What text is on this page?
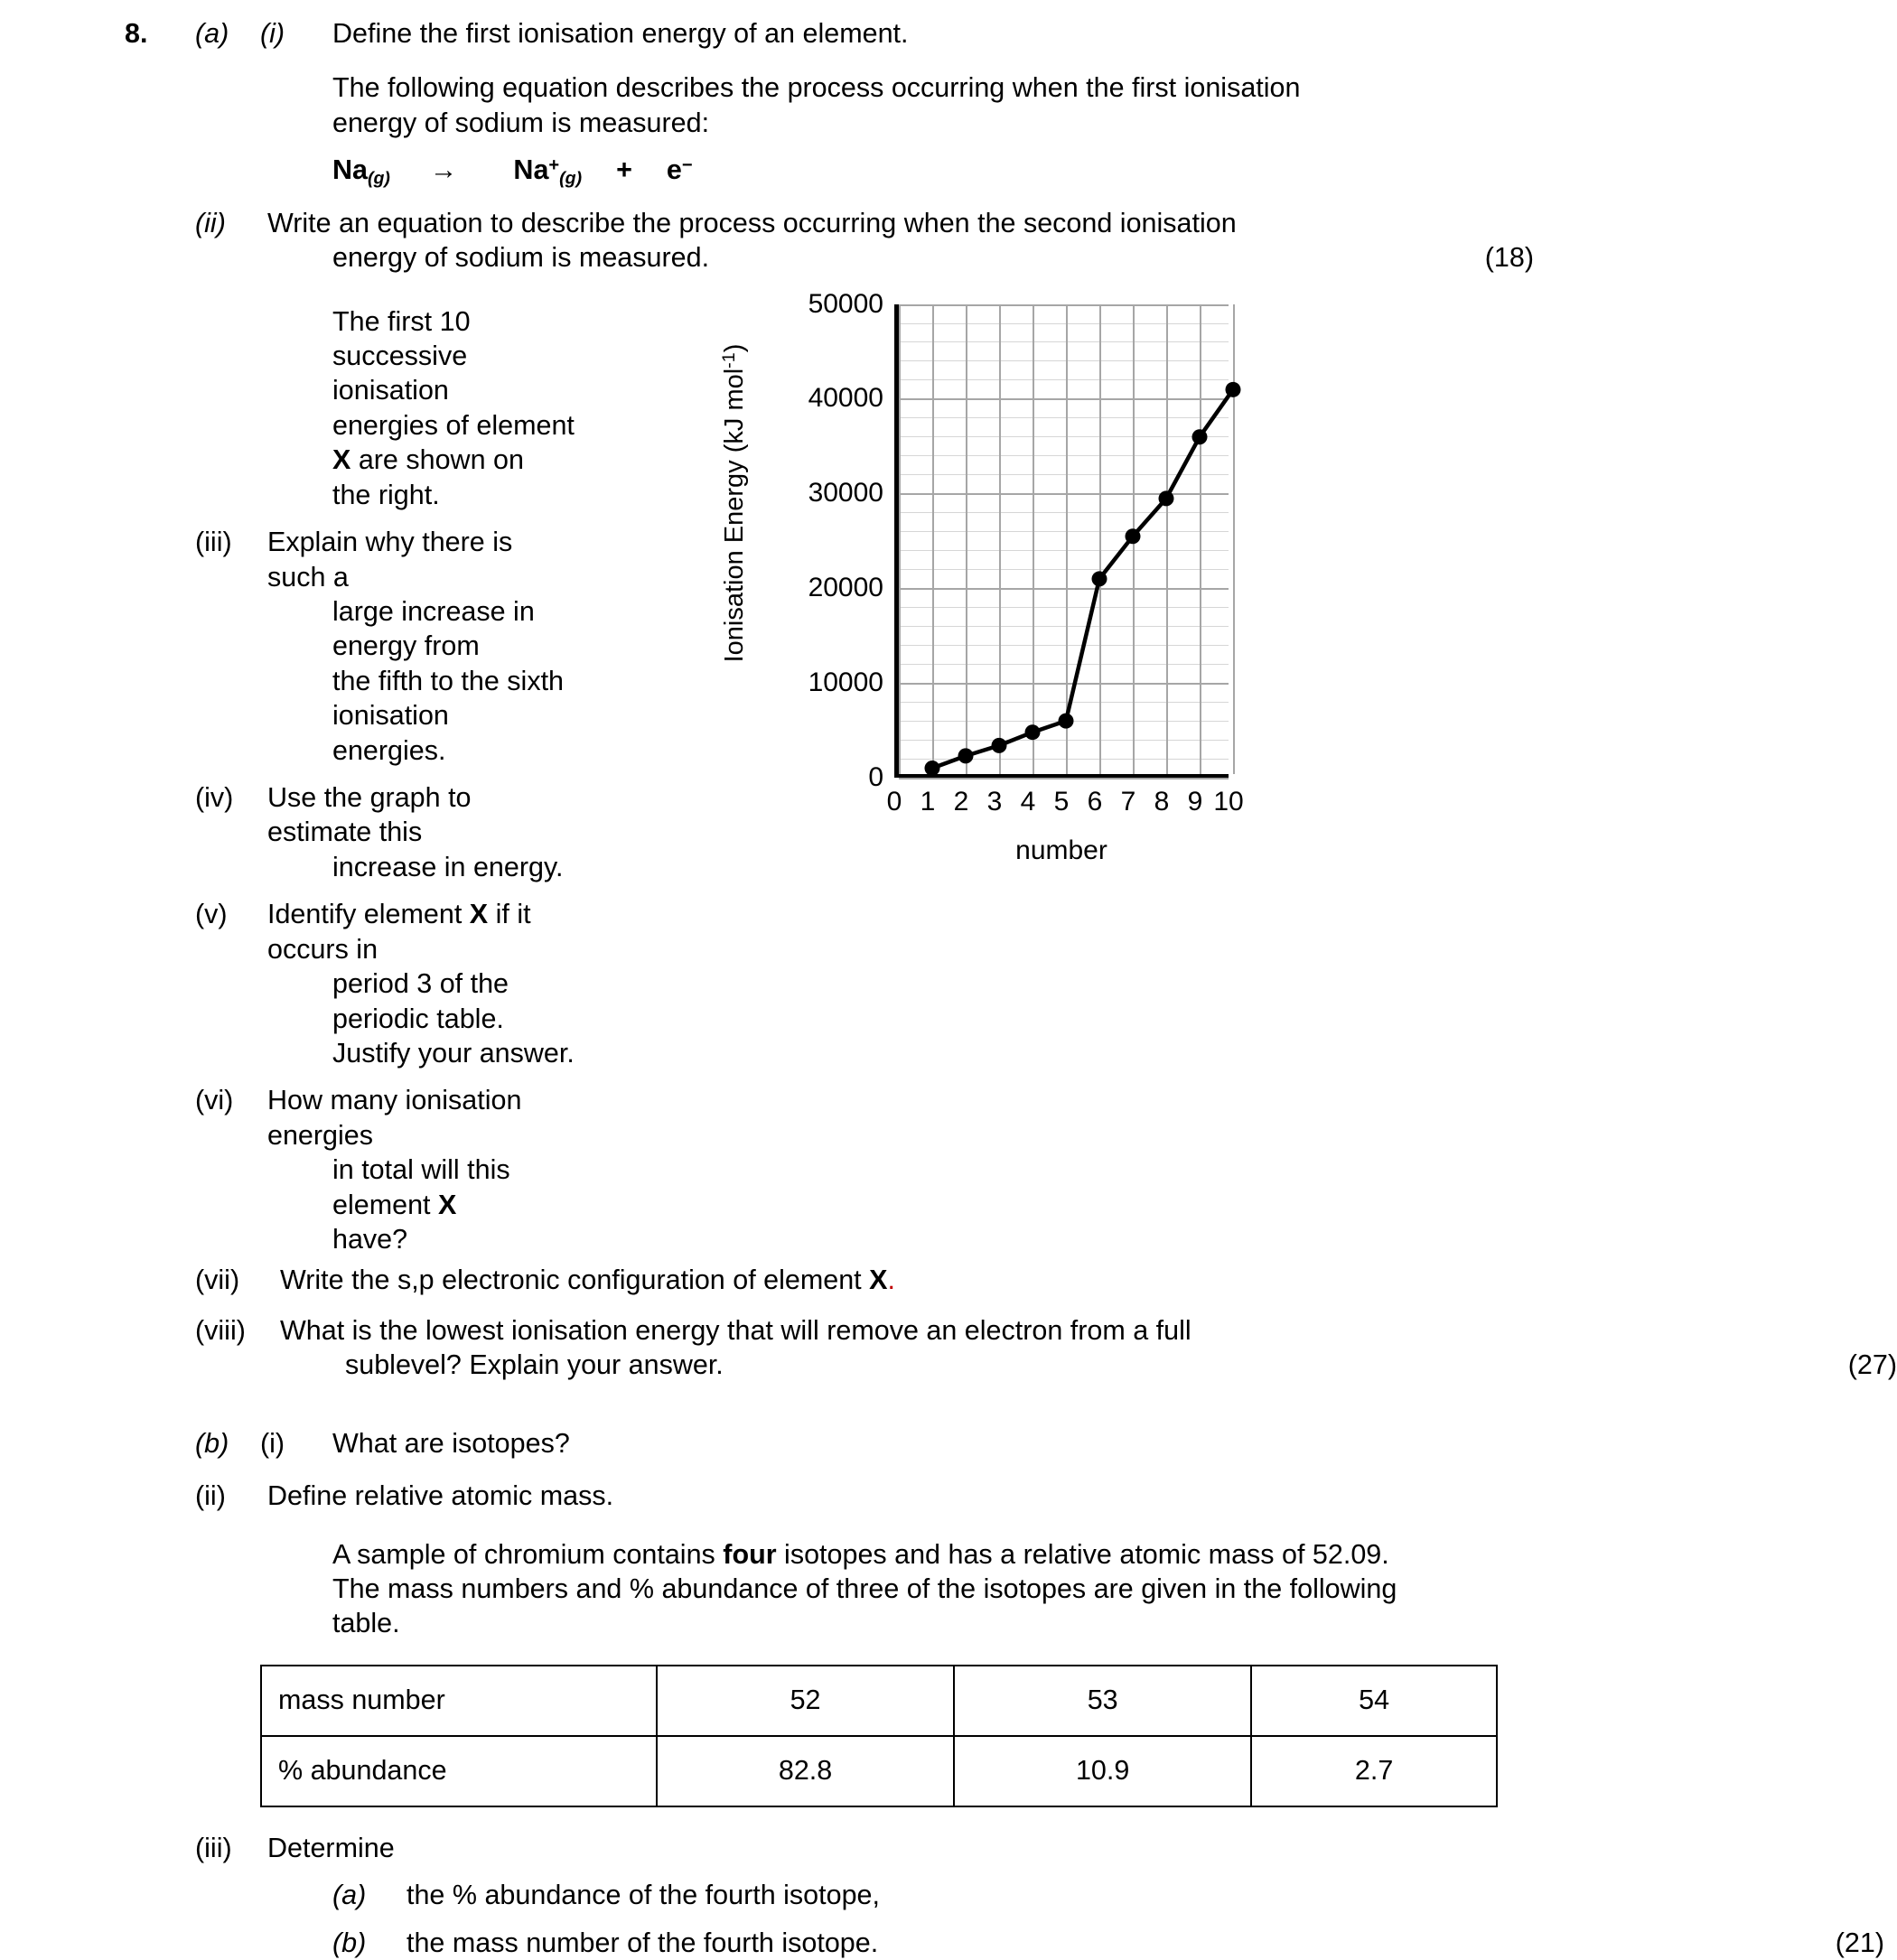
8.	(a)	(i)	Define the first ionisation energy of an element.
The following equation describes the process occurring when the first ionisation
energy of sodium is measured:
$Na_{(g)} \to Na^+_{(g)} + e^-$
(ii)	Write an equation to describe the process occurring when the second ionisation
energy of sodium is measured.	(18)
The first 10 successive ionisation
energies of element X are shown on
the right.
(iii)	Explain why there is such a
large increase in energy from
the fifth to the sixth ionisation
energies.
(iv)	Use the graph to estimate this
increase in energy.
(v)	Identify element X if it occurs in
period 3 of the periodic table.
Justify your answer.
(vi)	How many ionisation energies
in total will this element X
have?
Ionisation Energy (kJ mol$^{-1}$)
0
10000
20000
30000
40000
50000
0 1 2 3 4 5 6 7 8 9 10
number
(vii)	Write the s,p electronic configuration of element X.
(viii)	What is the lowest ionisation energy that will remove an electron from a full
sublevel? Explain your answer.	(27)
(b)	(i)	What are isotopes?
(ii)	Define relative atomic mass.
A sample of chromium contains four isotopes and has a relative atomic mass of 52.09.
The mass numbers and % abundance of three of the isotopes are given in the following
table.
mass number	52	53	54
% abundance	82.8	10.9	2.7
(iii)	Determine
(a)	the % abundance of the fourth isotope,
(b)	the mass number of the fourth isotope.	(21)
